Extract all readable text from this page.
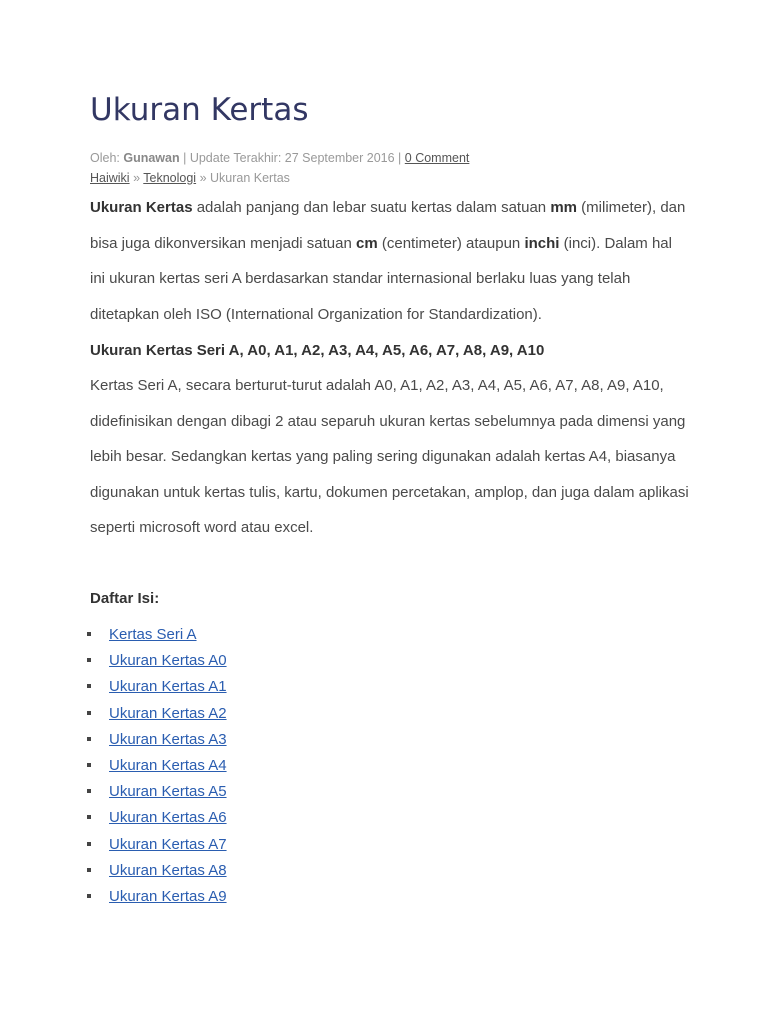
Ukuran Kertas
Oleh: Gunawan | Update Terakhir: 27 September 2016 | 0 Comment
Haiwiki » Teknologi » Ukuran Kertas

Ukuran Kertas adalah panjang dan lebar suatu kertas dalam satuan mm (milimeter), dan bisa juga dikonversikan menjadi satuan cm (centimeter) ataupun inchi (inci). Dalam hal ini ukuran kertas seri A berdasarkan standar internasional berlaku luas yang telah ditetapkan oleh ISO (International Organization for Standardization).

Ukuran Kertas Seri A, A0, A1, A2, A3, A4, A5, A6, A7, A8, A9, A10

Kertas Seri A, secara berturut-turut adalah A0, A1, A2, A3, A4, A5, A6, A7, A8, A9, A10, didefinisikan dengan dibagi 2 atau separuh ukuran kertas sebelumnya pada dimensi yang lebih besar. Sedangkan kertas yang paling sering digunakan adalah kertas A4, biasanya digunakan untuk kertas tulis, kartu, dokumen percetakan, amplop, dan juga dalam aplikasi seperti microsoft word atau excel.

Daftar Isi:
Kertas Seri A
Ukuran Kertas A0
Ukuran Kertas A1
Ukuran Kertas A2
Ukuran Kertas A3
Ukuran Kertas A4
Ukuran Kertas A5
Ukuran Kertas A6
Ukuran Kertas A7
Ukuran Kertas A8
Ukuran Kertas A9
